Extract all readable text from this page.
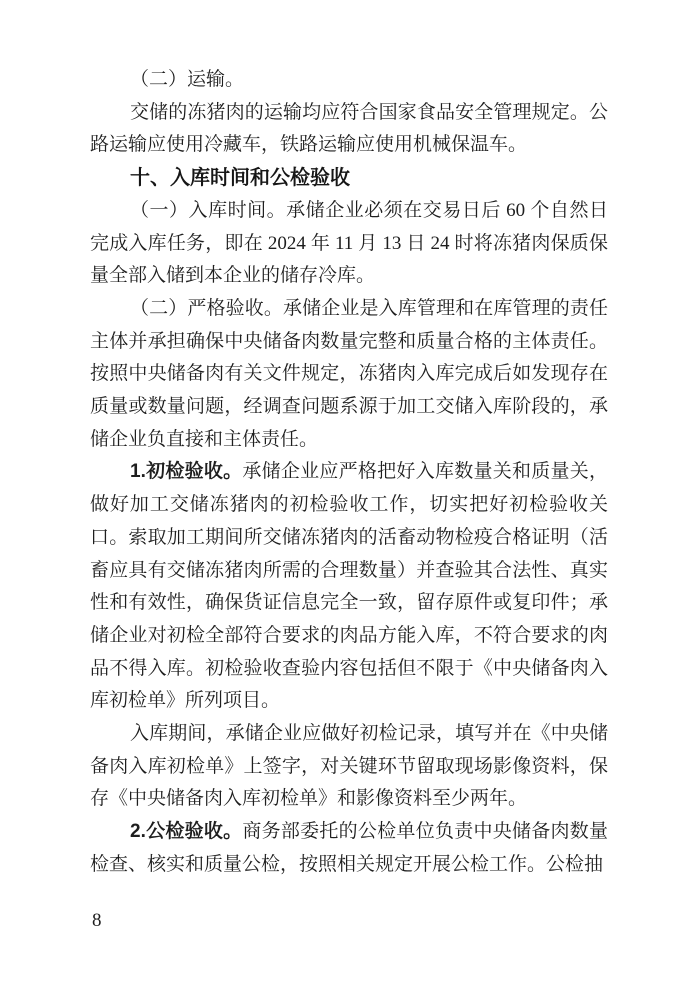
（二）运输。

交储的冻猪肉的运输均应符合国家食品安全管理规定。公路运输应使用冷藏车，铁路运输应使用机械保温车。

十、入库时间和公检验收

（一）入库时间。承储企业必须在交易日后 60 个自然日完成入库任务，即在 2024 年 11 月 13 日 24 时将冻猪肉保质保量全部入储到本企业的储存冷库。

（二）严格验收。承储企业是入库管理和在库管理的责任主体并承担确保中央储备肉数量完整和质量合格的主体责任。按照中央储备肉有关文件规定，冻猪肉入库完成后如发现存在质量或数量问题，经调查问题系源于加工交储入库阶段的，承储企业负直接和主体责任。

1.初检验收。承储企业应严格把好入库数量关和质量关，做好加工交储冻猪肉的初检验收工作，切实把好初检验收关口。索取加工期间所交储冻猪肉的活畜动物检疫合格证明（活畜应具有交储冻猪肉所需的合理数量）并查验其合法性、真实性和有效性，确保货证信息完全一致，留存原件或复印件；承储企业对初检全部符合要求的肉品方能入库，不符合要求的肉品不得入库。初检验收查验内容包括但不限于《中央储备肉入库初检单》所列项目。

入库期间，承储企业应做好初检记录，填写并在《中央储备肉入库初检单》上签字，对关键环节留取现场影像资料，保存《中央储备肉入库初检单》和影像资料至少两年。

2.公检验收。商务部委托的公检单位负责中央储备肉数量检查、核实和质量公检，按照相关规定开展公检工作。公检抽

8
